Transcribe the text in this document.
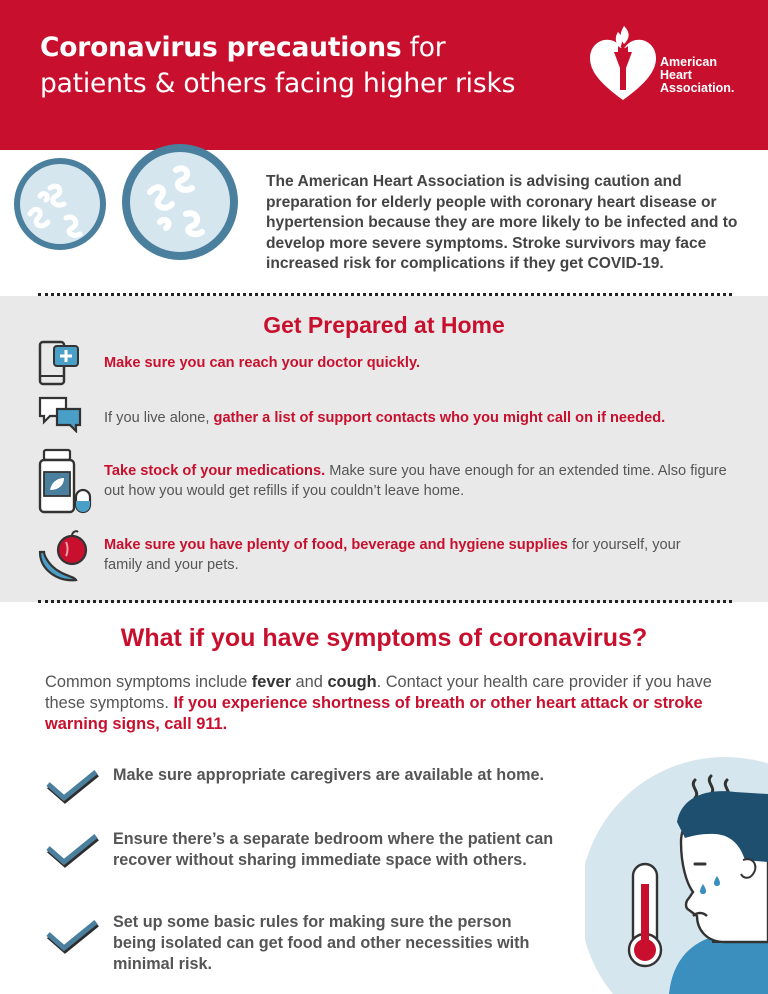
Coronavirus precautions for
patients & others facing higher risks
American
Heart
Association.

The American Heart Association is advising caution and preparation for elderly people with coronary heart disease or hypertension because they are more likely to be infected and to develop more severe symptoms. Stroke survivors may face increased risk for complications if they get COVID-19.

Get Prepared at Home

Make sure you can reach your doctor quickly.

If you live alone, gather a list of support contacts who you might call on if needed.

Take stock of your medications. Make sure you have enough for an extended time. Also figure out how you would get refills if you couldn’t leave home.

Make sure you have plenty of food, beverage and hygiene supplies for yourself, your family and your pets.

What if you have symptoms of coronavirus?

Common symptoms include fever and cough. Contact your health care provider if you have these symptoms. If you experience shortness of breath or other heart attack or stroke warning signs, call 911.

Make sure appropriate caregivers are available at home.

Ensure there’s a separate bedroom where the patient can recover without sharing immediate space with others.

Set up some basic rules for making sure the person being isolated can get food and other necessities with minimal risk.
